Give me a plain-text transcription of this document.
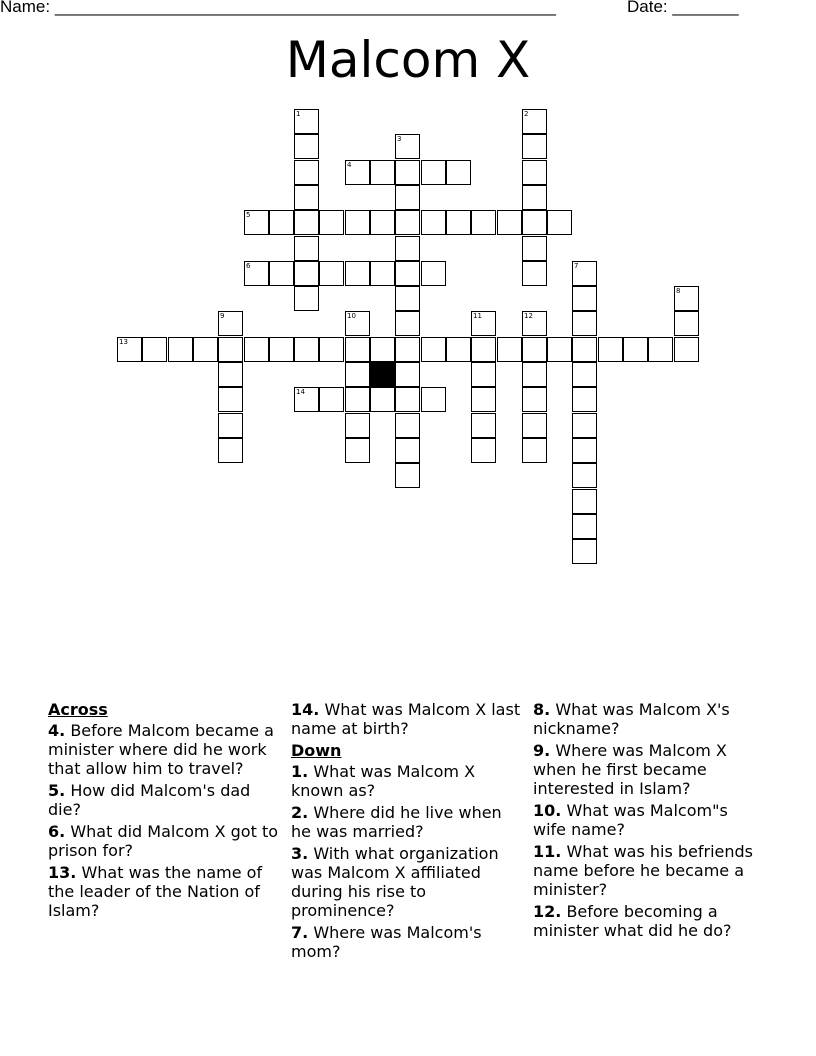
Name: _____________________________________________________	Date: _______
Malcom X
4
5
6
13
14
1	2
3
7
8
9	10	11	12
Across
4. Before Malcom became a minister where did he work that allow him to travel?
5. How did Malcom's dad die?
6. What did Malcom X got to prison for?
13. What was the name of the leader of the Nation of Islam?
14. What was Malcom X last name at birth?
Down
1. What was Malcom X known as?
2. Where did he live when he was married?
3. With what organization was Malcom X affiliated during his rise to prominence?
7. Where was Malcom's mom?
8. What was Malcom X's nickname?
9. Where was Malcom X when he first became interested in Islam?
10. What was Malcom"s wife name?
11. What was his befriends name before he became a minister?
12. Before becoming a minister what did he do?
